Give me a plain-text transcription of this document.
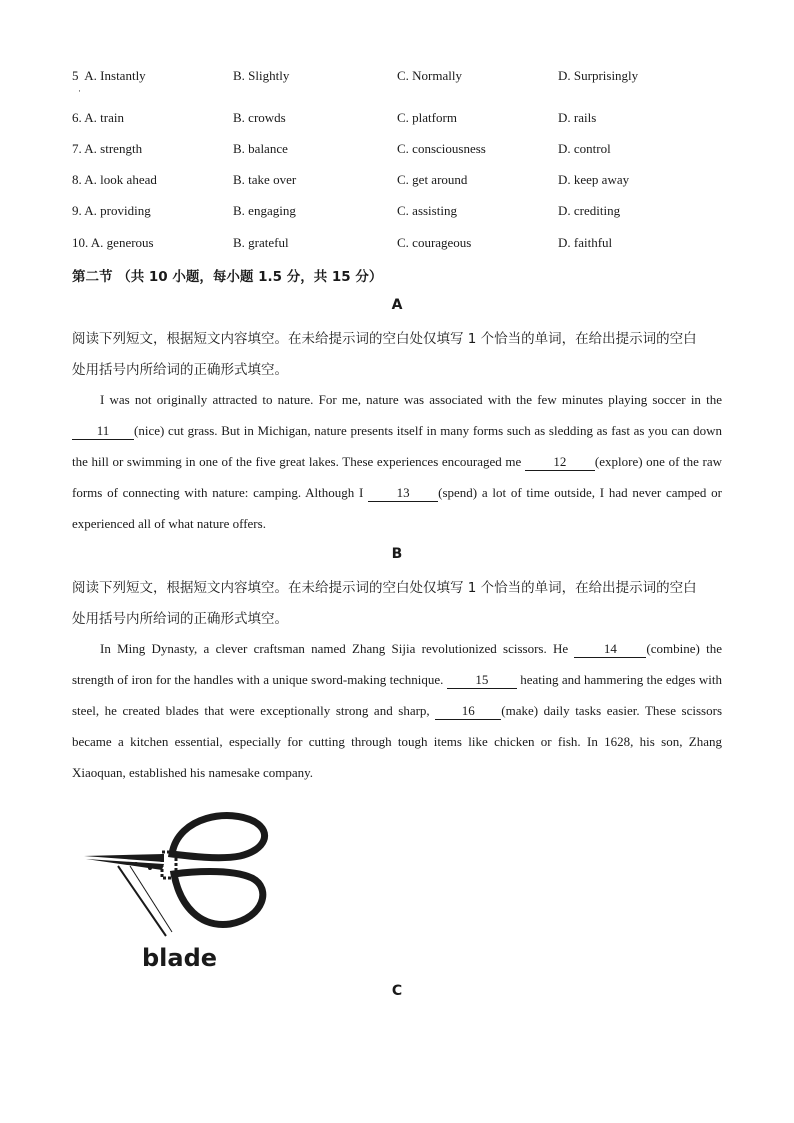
5 A. Instantly	B. Slightly	C. Normally	D. Surprisingly
·
6. A. train	B. crowds	C. platform	D. rails
7. A. strength	B. balance	C. consciousness	D. control
8. A. look ahead	B. take over	C. get around	D. keep away
9. A. providing	B. engaging	C. assisting	D. crediting
10. A. generous	B. grateful	C. courageous	D. faithful
第二节 （共 10 小题，每小题 1.5 分，共 15 分）
A
阅读下列短文，根据短文内容填空。在未给提示词的空白处仅填写 1 个恰当的单词，在给出提示词的空白
处用括号内所给词的正确形式填空。
I was not originally attracted to nature. For me, nature was associated with the few minutes playing soccer in the 11 (nice) cut grass. But in Michigan, nature presents itself in many forms such as sledding as fast as you can down the hill or swimming in one of the five great lakes. These experiences encouraged me 12 (explore) one of the raw forms of connecting with nature: camping. Although I 13 (spend) a lot of time outside, I had never camped or experienced all of what nature offers.
B
阅读下列短文，根据短文内容填空。在未给提示词的空白处仅填写 1 个恰当的单词，在给出提示词的空白
处用括号内所给词的正确形式填空。
In Ming Dynasty, a clever craftsman named Zhang Sijia revolutionized scissors. He 14 (combine) the strength of iron for the handles with a unique sword-making technique. 15 heating and hammering the edges with steel, he created blades that were exceptionally strong and sharp, 16 (make) daily tasks easier. These scissors became a kitchen essential, especially for cutting through tough items like chicken or fish. In 1628, his son, Zhang Xiaoquan, established his namesake company.
blade
C
